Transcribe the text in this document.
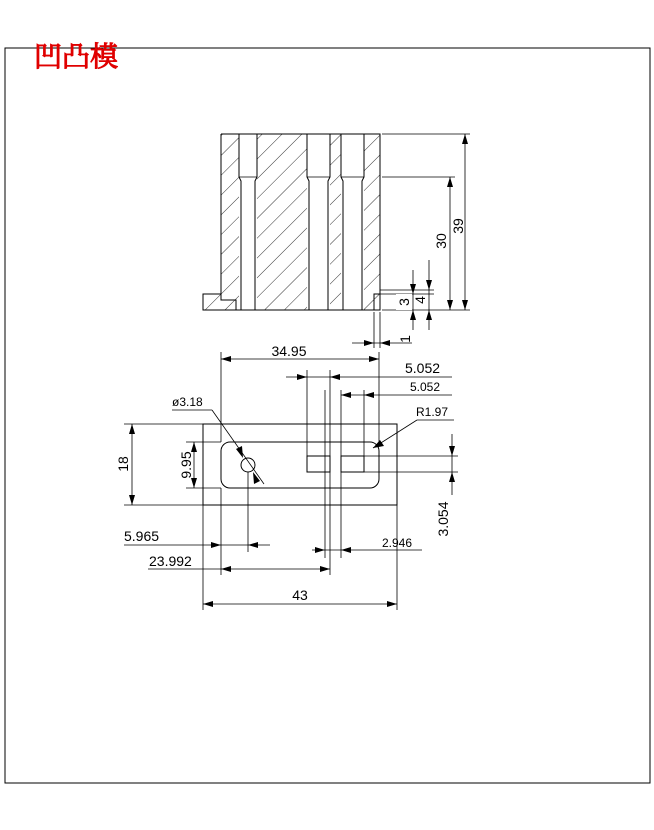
凹凸模
39
30
3 4
1
34.95
5.052
5.052
R1.97
ø3.18
18	9.95
3.054
5.965	2.946
23.992
43
